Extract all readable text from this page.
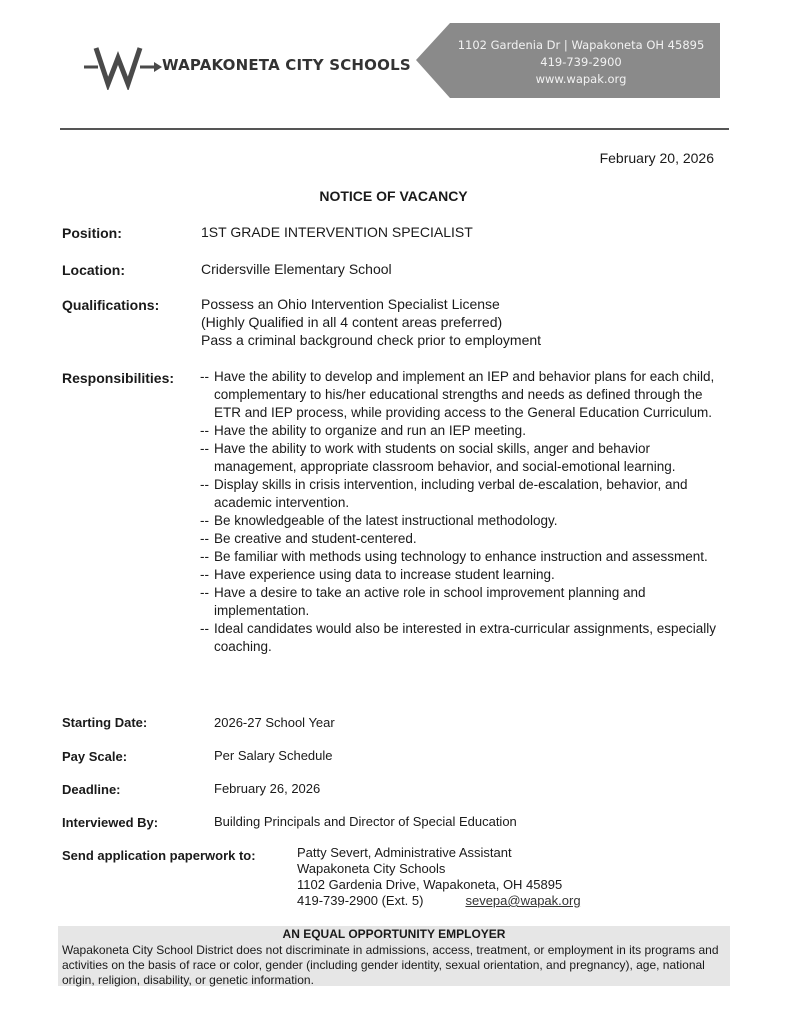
WAPAKONETA CITY SCHOOLS
1102 Gardenia Dr | Wapakoneta OH 45895
419-739-2900
www.wapak.org
February 20, 2026
NOTICE OF VACANCY
Position:	1ST GRADE INTERVENTION SPECIALIST
Location:	Cridersville Elementary School
Qualifications:	Possess an Ohio Intervention Specialist License
(Highly Qualified in all 4 content areas preferred)
Pass a criminal background check prior to employment
Responsibilities: -- Have the ability to develop and implement an IEP and behavior plans for each child, complementary to his/her educational strengths and needs as defined through the ETR and IEP process, while providing access to the General Education Curriculum.
-- Have the ability to organize and run an IEP meeting.
-- Have the ability to work with students on social skills, anger and behavior management, appropriate classroom behavior, and social-emotional learning.
-- Display skills in crisis intervention, including verbal de-escalation, behavior, and academic intervention.
-- Be knowledgeable of the latest instructional methodology.
-- Be creative and student-centered.
-- Be familiar with methods using technology to enhance instruction and assessment.
-- Have experience using data to increase student learning.
-- Have a desire to take an active role in school improvement planning and implementation.
-- Ideal candidates would also be interested in extra-curricular assignments, especially coaching.
Starting Date:	2026-27 School Year
Pay Scale:	Per Salary Schedule
Deadline:	February 26, 2026
Interviewed By:	Building Principals and Director of Special Education
Send application paperwork to:	Patty Severt, Administrative Assistant
Wapakoneta City Schools
1102 Gardenia Drive, Wapakoneta, OH 45895
419-739-2900 (Ext. 5)	sevepa@wapak.org
AN EQUAL OPPORTUNITY EMPLOYER
Wapakoneta City School District does not discriminate in admissions, access, treatment, or employment in its programs and activities on the basis of race or color, gender (including gender identity, sexual orientation, and pregnancy), age, national origin, religion, disability, or genetic information.
